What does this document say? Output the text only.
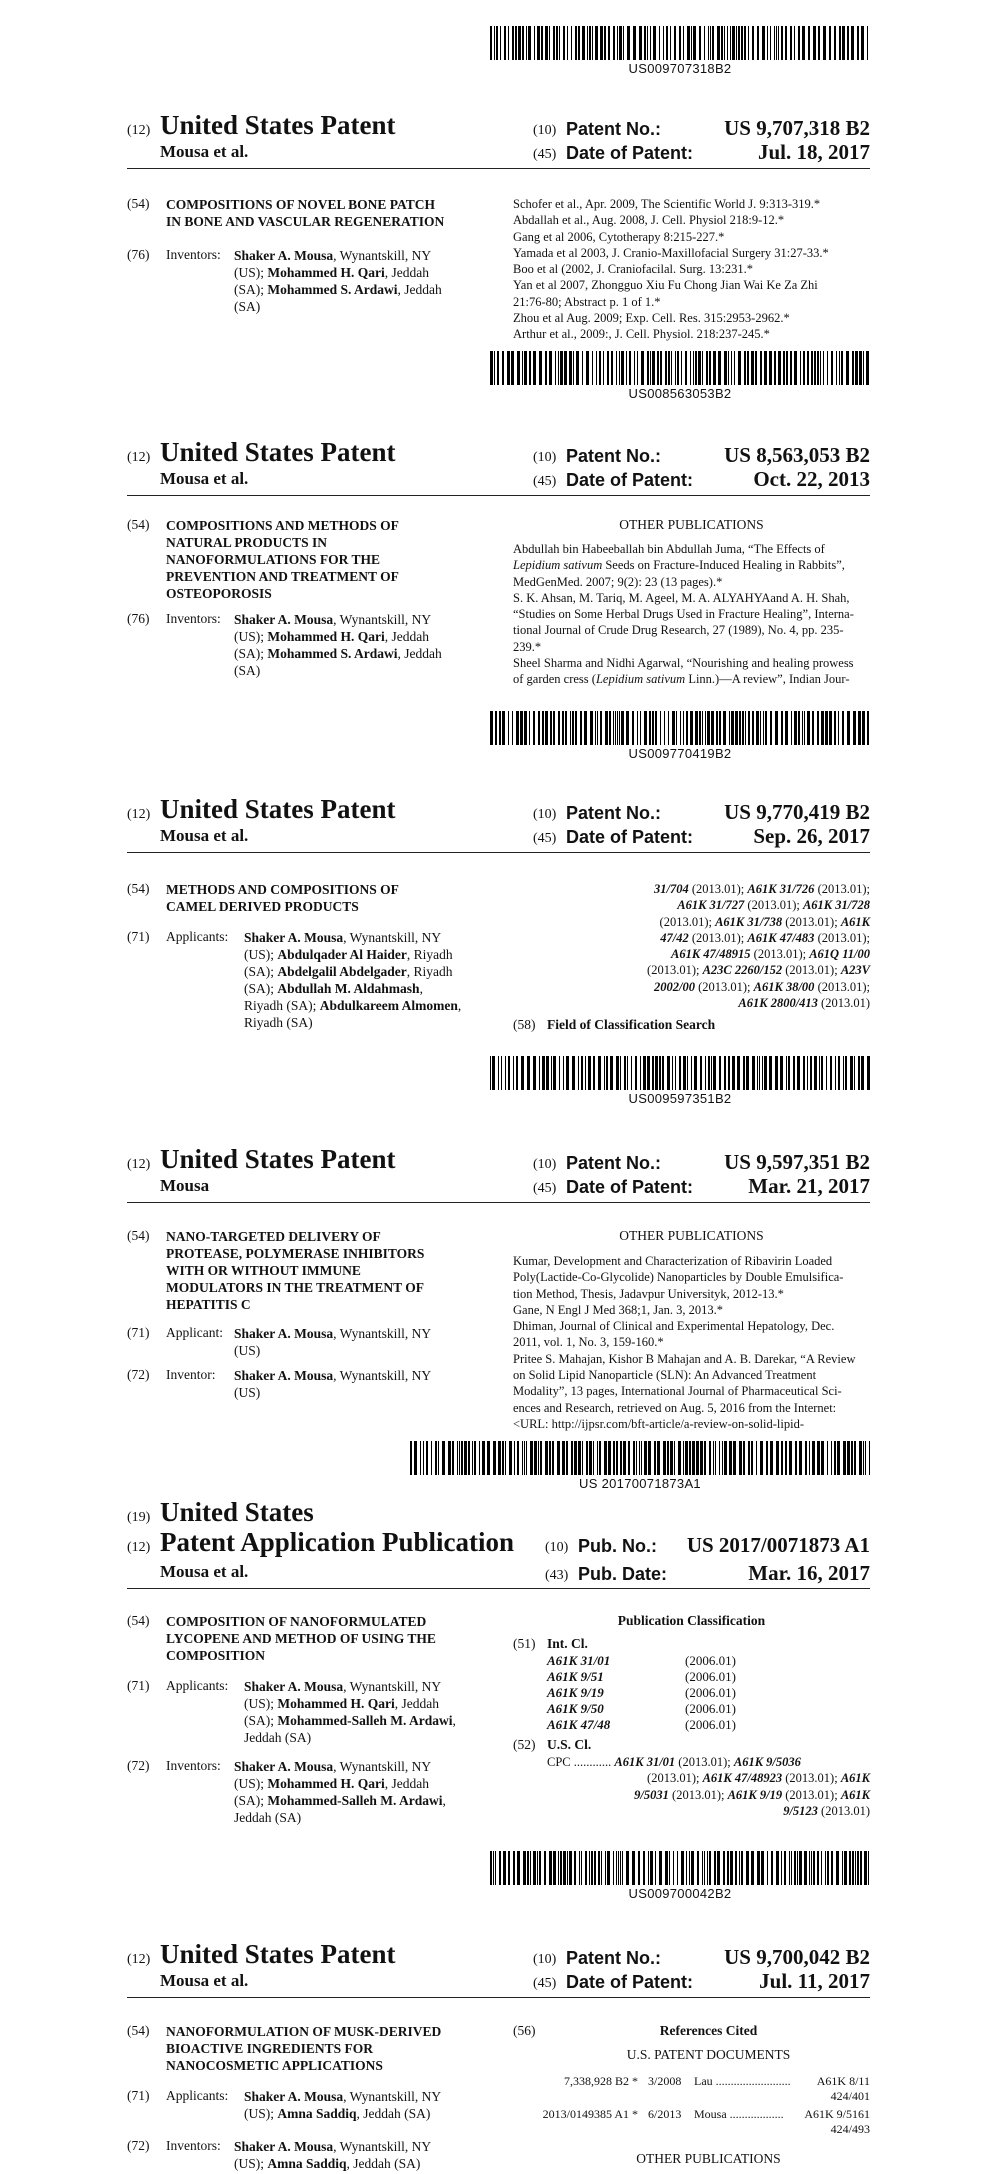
US009707318B2
(12) United States Patent
Mousa et al.
(10) Patent No.:	US 9,707,318 B2
(45) Date of Patent:	Jul. 18, 2017
(54) COMPOSITIONS OF NOVEL BONE PATCH
IN BONE AND VASCULAR REGENERATION
(76) Inventors: Shaker A. Mousa, Wynantskill, NY
(US); Mohammed H. Qari, Jeddah
(SA); Mohammed S. Ardawi, Jeddah
(SA)
Schofer et al., Apr. 2009, The Scientific World J. 9:313-319.*
Abdallah et al., Aug. 2008, J. Cell. Physiol 218:9-12.*
Gang et al 2006, Cytotherapy 8:215-227.*
Yamada et al 2003, J. Cranio-Maxillofacial Surgery 31:27-33.*
Boo et al (2002, J. Craniofacilal. Surg. 13:231.*
Yan et al 2007, Zhongguo Xiu Fu Chong Jian Wai Ke Za Zhi
21:76-80; Abstract p. 1 of 1.*
Zhou et al Aug. 2009; Exp. Cell. Res. 315:2953-2962.*
Arthur et al., 2009:, J. Cell. Physiol. 218:237-245.*
US008563053B2
(12) United States Patent
Mousa et al.
(10) Patent No.:	US 8,563,053 B2
(45) Date of Patent:	Oct. 22, 2013
(54) COMPOSITIONS AND METHODS OF
NATURAL PRODUCTS IN
NANOFORMULATIONS FOR THE
PREVENTION AND TREATMENT OF
OSTEOPOROSIS
(76) Inventors: Shaker A. Mousa, Wynantskill, NY
(US); Mohammed H. Qari, Jeddah
(SA); Mohammed S. Ardawi, Jeddah
(SA)
OTHER PUBLICATIONS
Abdullah bin Habeeballah bin Abdullah Juma, “The Effects of
Lepidium sativum Seeds on Fracture-Induced Healing in Rabbits”,
MedGenMed. 2007; 9(2): 23 (13 pages).*
S. K. Ahsan, M. Tariq, M. Ageel, M. A. ALYAHYAand A. H. Shah,
“Studies on Some Herbal Drugs Used in Fracture Healing”, Interna-
tional Journal of Crude Drug Research, 27 (1989), No. 4, pp. 235-
239.*
Sheel Sharma and Nidhi Agarwal, “Nourishing and healing prowess
of garden cress (Lepidium sativum Linn.)—A review”, Indian Jour-
US009770419B2
(12) United States Patent
Mousa et al.
(10) Patent No.:	US 9,770,419 B2
(45) Date of Patent:	Sep. 26, 2017
(54) METHODS AND COMPOSITIONS OF
CAMEL DERIVED PRODUCTS
(71) Applicants: Shaker A. Mousa, Wynantskill, NY
(US); Abdulqader Al Haider, Riyadh
(SA); Abdelgalil Abdelgader, Riyadh
(SA); Abdullah M. Aldahmash,
Riyadh (SA); Abdulkareem Almomen,
Riyadh (SA)
31/704 (2013.01); A61K 31/726 (2013.01);
A61K 31/727 (2013.01); A61K 31/728
(2013.01); A61K 31/738 (2013.01); A61K
47/42 (2013.01); A61K 47/483 (2013.01);
A61K 47/48915 (2013.01); A61Q 11/00
(2013.01); A23C 2260/152 (2013.01); A23V
2002/00 (2013.01); A61K 38/00 (2013.01);
A61K 2800/413 (2013.01)
(58) Field of Classification Search
US009597351B2
(12) United States Patent
Mousa
(10) Patent No.:	US 9,597,351 B2
(45) Date of Patent:	Mar. 21, 2017
(54) NANO-TARGETED DELIVERY OF
PROTEASE, POLYMERASE INHIBITORS
WITH OR WITHOUT IMMUNE
MODULATORS IN THE TREATMENT OF
HEPATITIS C
(71) Applicant: Shaker A. Mousa, Wynantskill, NY
(US)
(72) Inventor: Shaker A. Mousa, Wynantskill, NY
(US)
OTHER PUBLICATIONS
Kumar, Development and Characterization of Ribavirin Loaded
Poly(Lactide-Co-Glycolide) Nanoparticles by Double Emulsifica-
tion Method, Thesis, Jadavpur Universityk, 2012-13.*
Gane, N Engl J Med 368;1, Jan. 3, 2013.*
Dhiman, Journal of Clinical and Experimental Hepatology, Dec.
2011, vol. 1, No. 3, 159-160.*
Pritee S. Mahajan, Kishor B Mahajan and A. B. Darekar, “A Review
on Solid Lipid Nanoparticle (SLN): An Advanced Treatment
Modality”, 13 pages, International Journal of Pharmaceutical Sci-
ences and Research, retrieved on Aug. 5, 2016 from the Internet:
<URL: http://ijpsr.com/bft-article/a-review-on-solid-lipid-
US 20170071873A1
(19) United States
(12) Patent Application Publication
Mousa et al.
(10) Pub. No.:	US 2017/0071873 A1
(43) Pub. Date:	Mar. 16, 2017
(54) COMPOSITION OF NANOFORMULATED
LYCOPENE AND METHOD OF USING THE
COMPOSITION
(71) Applicants: Shaker A. Mousa, Wynantskill, NY
(US); Mohammed H. Qari, Jeddah
(SA); Mohammed-Salleh M. Ardawi,
Jeddah (SA)
(72) Inventors: Shaker A. Mousa, Wynantskill, NY
(US); Mohammed H. Qari, Jeddah
(SA); Mohammed-Salleh M. Ardawi,
Jeddah (SA)
Publication Classification
(51) Int. Cl.
A61K 31/01	(2006.01)
A61K 9/51	(2006.01)
A61K 9/19	(2006.01)
A61K 9/50	(2006.01)
A61K 47/48	(2006.01)
(52) U.S. Cl.
CPC ............ A61K 31/01 (2013.01); A61K 9/5036
(2013.01); A61K 47/48923 (2013.01); A61K
9/5031 (2013.01); A61K 9/19 (2013.01); A61K
9/5123 (2013.01)
US009700042B2
(12) United States Patent
Mousa et al.
(10) Patent No.:	US 9,700,042 B2
(45) Date of Patent:	Jul. 11, 2017
(54) NANOFORMULATION OF MUSK-DERIVED
BIOACTIVE INGREDIENTS FOR
NANOCOSMETIC APPLICATIONS
(71) Applicants: Shaker A. Mousa, Wynantskill, NY
(US); Amna Saddiq, Jeddah (SA)
(72) Inventors: Shaker A. Mousa, Wynantskill, NY
(US); Amna Saddiq, Jeddah (SA)
(56)	References Cited
U.S. PATENT DOCUMENTS
7,338,928 B2 * 3/2008 Lau .........................	A61K 8/11
424/401
2013/0149385 A1 * 6/2013 Mousa ..................	A61K 9/5161
424/493
OTHER PUBLICATIONS
